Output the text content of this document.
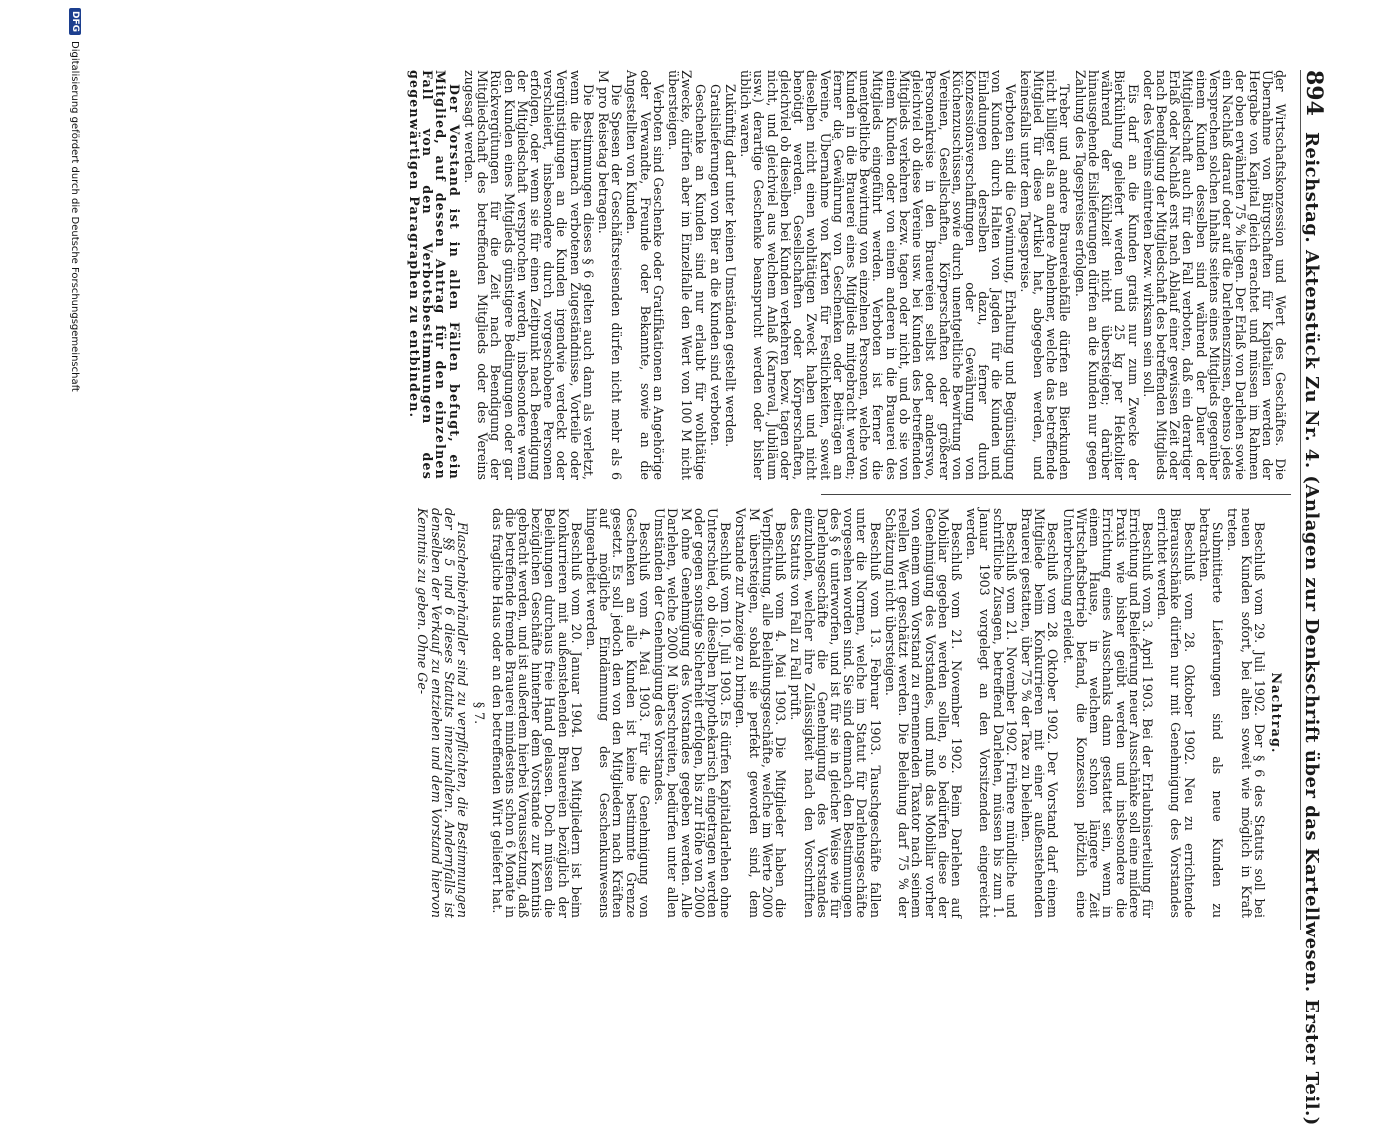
894
Reichstag. Aktenstück Zu Nr. 4. (Anlagen zur Denkschrift über das Kartellwesen. Erster Teil.)

der Wirtschaftskonzession und Wert des Geschäftes. Die Übernahme von Bürgschaften für Kapitalien werden der Hergabe von Kapital gleich erachtet und müssen im Rahmen der oben erwähnten 75 % liegen. Der Erlaß von Darlehen sowie ein Nachlaß darauf oder auf die Darlehenszinsen, ebenso jedes Versprechen solchen Inhalts seitens eines Mitglieds gegenüber einem Kunden desselben sind während der Dauer der Mitgliedschaft auch für den Fall verboten, daß ein derartiger Erlaß oder Nachlaß erst nach Ablauf einer gewissen Zeit oder nach Beendigung der Mitgliedschaft des betreffenden Mitglieds oder des Vereins eintreten bezw. wirksam sein soll.

Eis darf an die Kunden gratis nur zum Zwecke der Bierkühlung geliefert werden und 25 kg per Hektoliter während der Kühlzeit nicht übersteigen; darüber hinausgehende Eislieferungen dürfen an die Kunden nur gegen Zahlung des Tagespreises erfolgen.

Treber und andere Brauereiabfälle dürfen an Bierkunden nicht billiger als an andere Abnehmer, welche das betreffende Mitglied für diese Artikel hat, abgegeben werden, und keinesfalls unter dem Tagespreise.

Verboten sind die Gewinnung, Erhaltung und Begünstigung von Kunden durch Halten von Jagden für die Kunden und Einladungen derselben dazu, ferner durch Konzessionsverschaffungen oder Gewährung von Küchenzuschüssen, sowie durch unentgeltliche Bewirtung von Vereinen, Gesellschaften, Körperschaften oder größerer Personenkreise in den Brauereien selbst oder anderswo, gleichviel ob diese Vereine usw. bei Kunden des betreffenden Mitglieds verkehren bezw. tagen oder nicht, und ob sie von einem Kunden oder von einem anderen in die Brauerei des Mitglieds eingeführt werden. Verboten ist ferner die unentgeltliche Bewirtung von einzelnen Personen, welche von Kunden in die Brauerei eines Mitglieds mitgebracht werden; ferner die Gewährung von Geschenken oder Beiträgen an Vereine, Übernahme von Karten für Festlichkeiten, soweit dieselben nicht einen wohltätigen Zweck haben und nicht benötigt werden. Gesellschaften oder Körperschaften, gleichviel ob dieselben bei Kunden verkehren bezw. tagen oder nicht, und gleichviel aus welchem Anlaß (Karneval, Jubiläum usw.) derartige Geschenke beansprucht werden oder bisher üblich waren.

Zukünftig darf unter keinen Umständen gestellt werden.

Gratislieferungen von Bier an die Kunden sind verboten.

Geschenke an Kunden sind nur erlaubt für wohltätige Zwecke, dürfen aber im Einzelfalle den Wert von 100 M nicht übersteigen.

Verboten sind Geschenke oder Gratifikationen an Angehörige oder Verwandte, Freunde oder Bekannte, sowie an die Angestellten von Kunden.

Die Spesen der Geschäftsreisenden dürfen nicht mehr als 6 M pro Reisetag betragen.

Die Bestimmungen dieses § 6 gelten auch dann als verletzt, wenn die hiernach verbotenen Zugeständnisse, Vorteile oder Vergünstigungen an die Kunden irgendwie verdeckt oder verschleiert, insbesondere durch vorgeschobene Personen erfolgen, oder wenn sie für einen Zeitpunkt nach Beendigung der Mitgliedschaft versprochen werden, insbesondere wenn den Kunden eines Mitglieds günstigere Bedingungen oder gar Rückvergütungen für die Zeit nach Beendigung der Mitgliedschaft des betreffenden Mitglieds oder des Vereins zugesagt werden.

Der Vorstand ist in allen Fällen befugt, ein Mitglied, auf dessen Antrag für den einzelnen Fall von den Verbotsbestimmungen des gegenwärtigen Paragraphen zu entbinden.

Nachtrag.

Beschluß vom 29. Juli 1902. Der § 6 des Statuts soll bei neuen Kunden sofort, bei alten soweit wie möglich in Kraft treten.

Submittierte Lieferungen sind als neue Kunden zu betrachten.

Beschluß vom 28. Oktober 1902. Neu zu errichtende Bierausschänke dürfen nur mit Genehmigung des Vorstandes errichtet werden.

Beschluß vom 3. April 1903. Bei der Erlaubniserteilung für Errichtung und Belieferung neuer Ausschänke soll eine mildere Praxis wie bisher geübt werden und insbesondere die Errichtung eines Ausschanks dann gestattet sein, wenn in einem Hause, in welchem schon längere Zeit Wirtschaftsbetrieb befand, die Konzession plötzlich eine Unterbrechung erleidet.

Beschluß vom 28. Oktober 1902. Der Vorstand darf einem Mitgliede beim Konkurrieren mit einer außenstehenden Brauerei gestatten, über 75 % der Taxe zu beleihen.

Beschluß vom 21. November 1902. Frühere mündliche und schriftliche Zusagen, betreffend Darlehen, müssen bis zum 1. Januar 1903 vorgelegt an den Vorsitzenden eingereicht werden.

Beschluß vom 21. November 1902. Beim Darlehen auf Mobiliar gegeben werden sollen, so bedürfen diese der Genehmigung des Vorstandes, und muß das Mobiliar vorher von einem vom Vorstand zu ernennenden Taxator nach seinem reellen Wert geschätzt werden. Die Beleihung darf 75 % der Schätzung nicht übersteigen.

Beschluß vom 13. Februar 1903. Tauschgeschäfte fallen unter die Normen, welche im Statut für Darlehnsgeschäfte vorgesehen worden sind. Sie sind demnach den Bestimmungen des § 6 unterworfen, und ist für sie in gleicher Weise wie für Darlehnsgeschäfte die Genehmigung des Vorstandes einzuholen, welcher ihre Zulässigkeit nach den Vorschriften des Statuts von Fall zu Fall prüft.

Beschluß vom 4. Mai 1903. Die Mitglieder haben die Verpflichtung, alle Beleihungsgeschäfte, welche im Werte 2000 M übersteigen, sobald sie perfekt geworden sind, dem Vorstande zur Anzeige zu bringen.

Beschluß vom 10. Juli 1903. Es dürfen Kapitaldarlehen ohne Unterschied, ob dieselben hypothekarisch eingetragen werden oder gegen sonstige Sicherheit erfolgen, bis zur Höhe von 2000 M ohne Genehmigung des Vorstandes gegeben werden. Alle Darlehen, welche 2000 M überschreiten, bedürfen unter allen Umständen der Genehmigung des Vorstandes.

Beschluß vom 4. Mai 1903. Für die Genehmigung von Geschenken an alle Kunden ist keine bestimmte Grenze gesetzt. Es soll jedoch den von den Mitgliedern nach Kräften auf mögliche Eindämmung des Geschenkunwesens hingearbeitet werden.

Beschluß vom 20. Januar 1904. Den Mitgliedern ist beim Konkurrieren mit außenstehenden Brauereien bezüglich der Beleihungen durchaus freie Hand gelassen. Doch müssen die bezüglichen Geschäfte hinterher dem Vorstande zur Kenntnis gebracht werden, und ist außerdem hierbei Voraussetzung, daß die betreffende fremde Brauerei mindestens schon 6 Monate in das fragliche Haus oder an den betreffenden Wirt geliefert hat.

§ 7.

Flaschenbierhändler sind zu verpflichten, die Bestimmungen der §§ 5 und 6 dieses Statuts innezuhalten. Andernfalls ist denselben der Verkauf zu entziehen und dem Vorstand hiervon Kenntnis zu geben. Ohne Ge-

DFG
Digitalisierung gefördert durch die Deutsche Forschungsgemeinschaft
